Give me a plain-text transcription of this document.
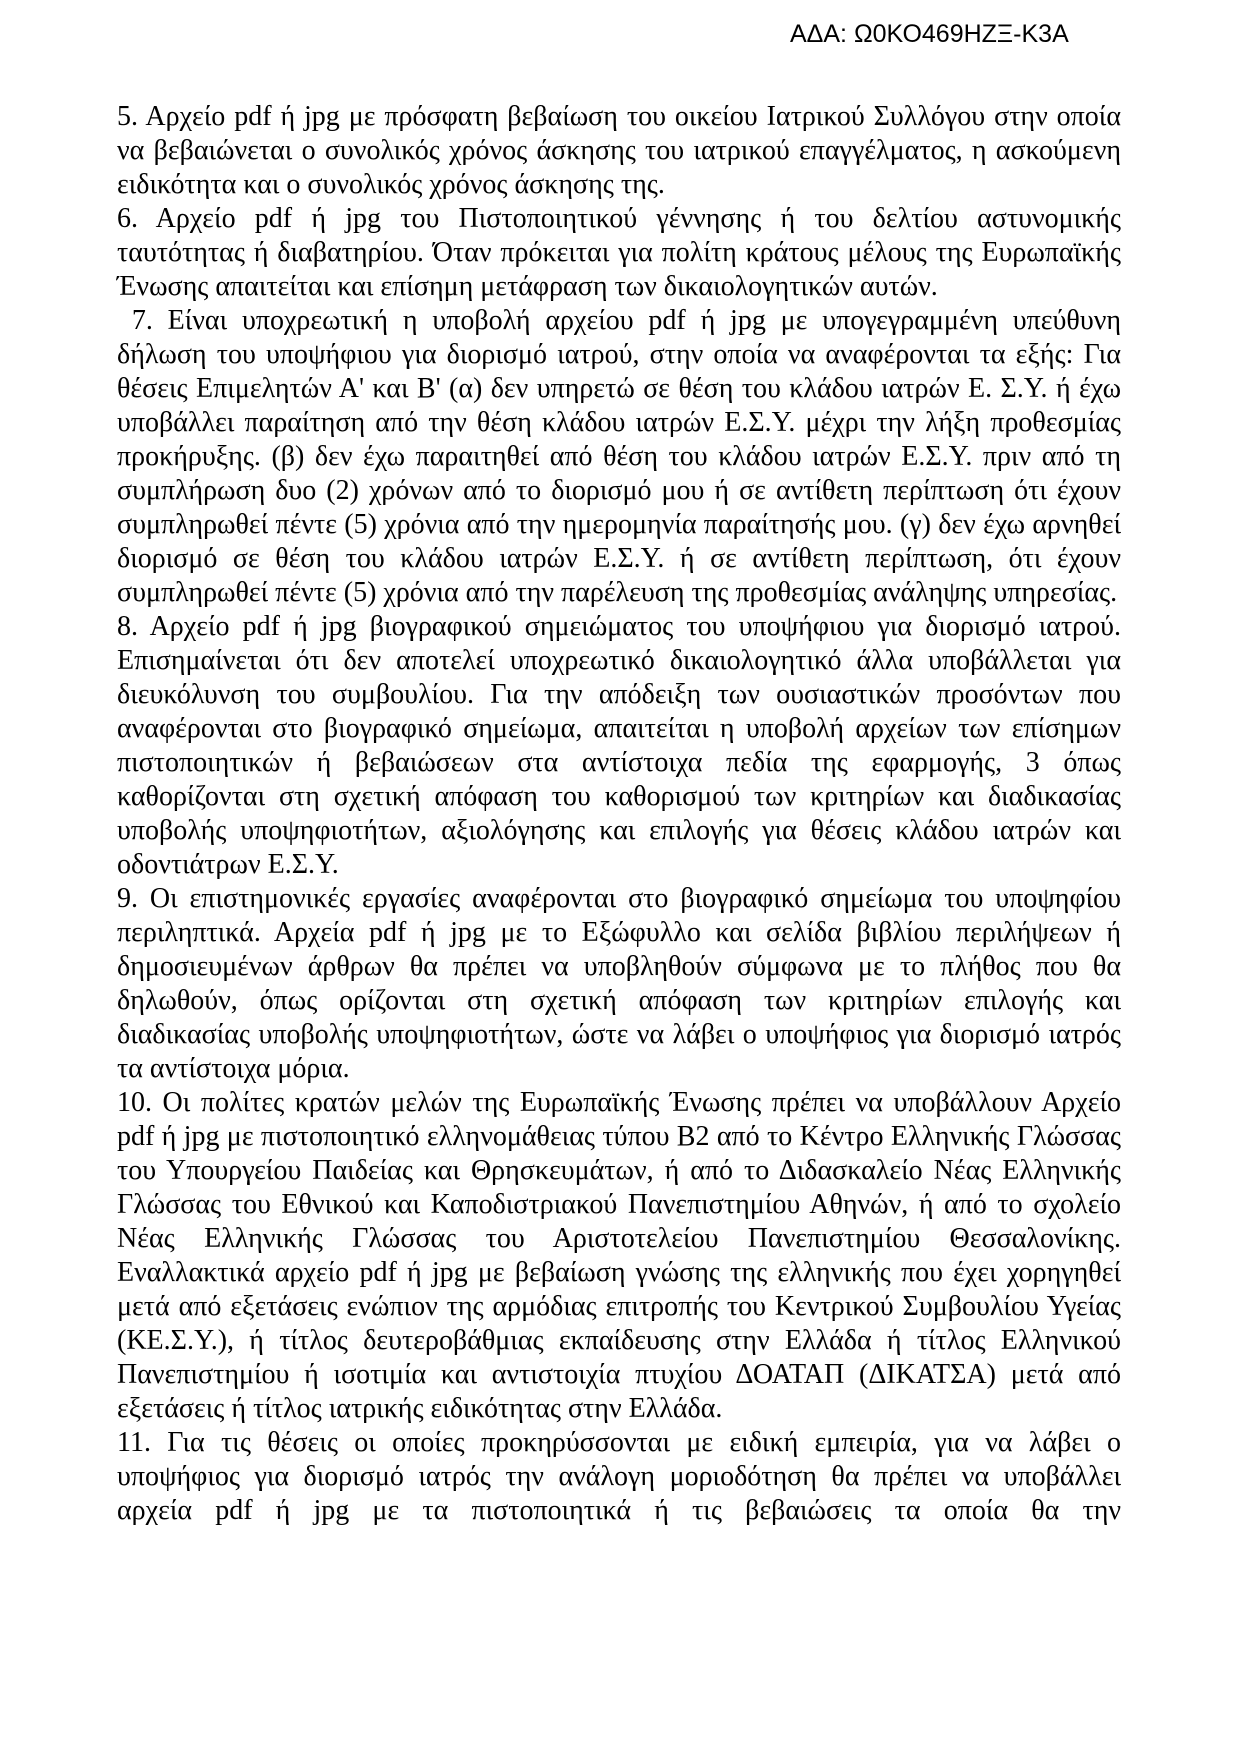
ΑΔΑ: Ω0ΚΟ469ΗΖΞ-Κ3Α

5. Αρχείο pdf ή jpg με πρόσφατη βεβαίωση του οικείου Ιατρικού Συλλόγου στην οποία να βεβαιώνεται ο συνολικός χρόνος άσκησης του ιατρικού επαγγέλματος, η ασκούμενη ειδικότητα και ο συνολικός χρόνος άσκησης της.

6. Αρχείο pdf ή jpg του Πιστοποιητικού γέννησης ή του δελτίου αστυνομικής ταυτότητας ή διαβατηρίου. Όταν πρόκειται για πολίτη κράτους μέλους της Ευρωπαϊκής Ένωσης απαιτείται και επίσημη μετάφραση των δικαιολογητικών αυτών.

7. Είναι υποχρεωτική η υποβολή αρχείου pdf ή jpg με υπογεγραμμένη υπεύθυνη δήλωση του υποψήφιου για διορισμό ιατρού, στην οποία να αναφέρονται τα εξής: Για θέσεις Επιμελητών Α' και Β' (α) δεν υπηρετώ σε θέση του κλάδου ιατρών Ε. Σ.Υ. ή έχω υποβάλλει παραίτηση από την θέση κλάδου ιατρών Ε.Σ.Υ. μέχρι την λήξη προθεσμίας προκήρυξης. (β) δεν έχω παραιτηθεί από θέση του κλάδου ιατρών Ε.Σ.Υ. πριν από τη συμπλήρωση δυο (2) χρόνων από το διορισμό μου ή σε αντίθετη περίπτωση ότι έχουν συμπληρωθεί πέντε (5) χρόνια από την ημερομηνία παραίτησής μου. (γ) δεν έχω αρνηθεί διορισμό σε θέση του κλάδου ιατρών Ε.Σ.Υ. ή σε αντίθετη περίπτωση, ότι έχουν συμπληρωθεί πέντε (5) χρόνια από την παρέλευση της προθεσμίας ανάληψης υπηρεσίας.

8. Αρχείο pdf ή jpg βιογραφικού σημειώματος του υποψήφιου για διορισμό ιατρού. Επισημαίνεται ότι δεν αποτελεί υποχρεωτικό δικαιολογητικό άλλα υποβάλλεται για διευκόλυνση του συμβουλίου. Για την απόδειξη των ουσιαστικών προσόντων που αναφέρονται στο βιογραφικό σημείωμα, απαιτείται η υποβολή αρχείων των επίσημων πιστοποιητικών ή βεβαιώσεων στα αντίστοιχα πεδία της εφαρμογής, 3 όπως καθορίζονται στη σχετική απόφαση του καθορισμού των κριτηρίων και διαδικασίας υποβολής υποψηφιοτήτων, αξιολόγησης και επιλογής για θέσεις κλάδου ιατρών και οδοντιάτρων Ε.Σ.Υ.

9. Οι επιστημονικές εργασίες αναφέρονται στο βιογραφικό σημείωμα του υποψηφίου περιληπτικά. Αρχεία pdf ή jpg με το Εξώφυλλο και σελίδα βιβλίου περιλήψεων ή δημοσιευμένων άρθρων θα πρέπει να υποβληθούν σύμφωνα με το πλήθος που θα δηλωθούν, όπως ορίζονται στη σχετική απόφαση των κριτηρίων επιλογής και διαδικασίας υποβολής υποψηφιοτήτων, ώστε να λάβει ο υποψήφιος για διορισμό ιατρός τα αντίστοιχα μόρια.

10. Οι πολίτες κρατών μελών της Ευρωπαϊκής Ένωσης πρέπει να υποβάλλουν Αρχείο pdf ή jpg με πιστοποιητικό ελληνομάθειας τύπου Β2 από το Κέντρο Ελληνικής Γλώσσας του Υπουργείου Παιδείας και Θρησκευμάτων, ή από το Διδασκαλείο Νέας Ελληνικής Γλώσσας του Εθνικού και Καποδιστριακού Πανεπιστημίου Αθηνών, ή από το σχολείο Νέας Ελληνικής Γλώσσας του Αριστοτελείου Πανεπιστημίου Θεσσαλονίκης. Εναλλακτικά αρχείο pdf ή jpg με βεβαίωση γνώσης της ελληνικής που έχει χορηγηθεί μετά από εξετάσεις ενώπιον της αρμόδιας επιτροπής του Κεντρικού Συμβουλίου Υγείας (ΚΕ.Σ.Υ.), ή τίτλος δευτεροβάθμιας εκπαίδευσης στην Ελλάδα ή τίτλος Ελληνικού Πανεπιστημίου ή ισοτιμία και αντιστοιχία πτυχίου ΔΟΑΤΑΠ (ΔΙΚΑΤΣΑ) μετά από εξετάσεις ή τίτλος ιατρικής ειδικότητας στην Ελλάδα.

11. Για τις θέσεις οι οποίες προκηρύσσονται με ειδική εμπειρία, για να λάβει ο υποψήφιος για διορισμό ιατρός την ανάλογη μοριοδότηση θα πρέπει να υποβάλλει αρχεία pdf ή jpg με τα πιστοποιητικά ή τις βεβαιώσεις τα οποία θα την
